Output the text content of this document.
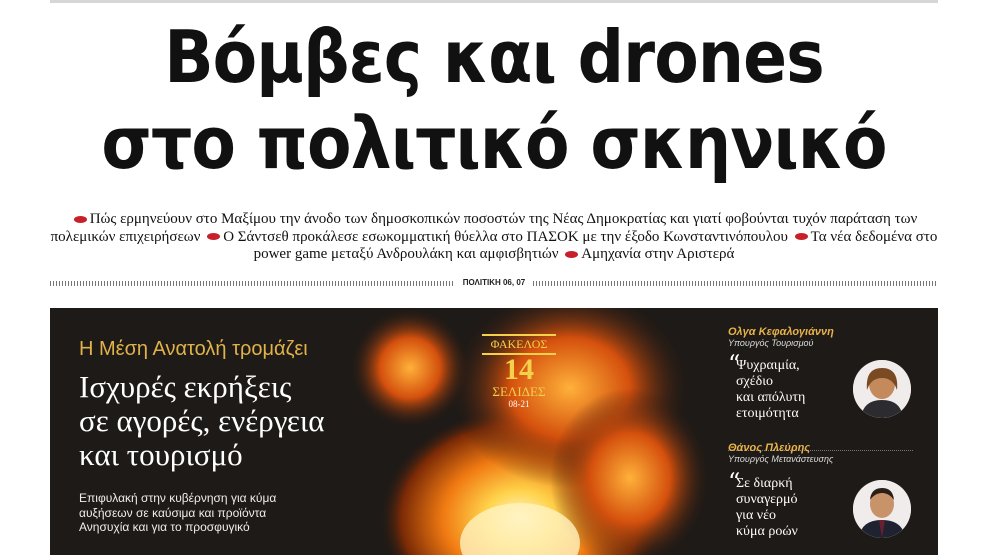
Βόμβες και drones
στο πολιτικό σκηνικό
Πώς ερμηνεύουν στο Μαξίμου την άνοδο των δημοσκοπικών ποσοστών της Νέας Δημοκρατίας και γιατί φοβούνται τυχόν παράταση των πολεμικών επιχειρήσεων Ο Σάντσεθ προκάλεσε εσωκομματική θύελλα στο ΠΑΣΟΚ με την έξοδο Κωνσταντινόπουλου Τα νέα δεδομένα στο power game μεταξύ Ανδρουλάκη και αμφισβητιών Αμηχανία στην Αριστερά
ΠΟΛΙΤΙΚΗ 06, 07
Η Μέση Ανατολή τρομάζει
Ισχυρές εκρήξεις
σε αγορές, ενέργεια
και τουρισμό
Επιφυλακή στην κυβέρνηση για κύμα
αυξήσεων σε καύσιμα και προϊόντα
Ανησυχία και για το προσφυγικό
ΦΑΚΕΛΟΣ
14
ΣΕΛΙΔΕΣ
08-21
Ολγα Κεφαλογιάννη
Υπουργός Τουρισμού
“
Ψυχραιμία,
σχέδιο
και απόλυτη
ετοιμότητα
Θάνος Πλεύρης
Υπουργός Μετανάστευσης
“
Σε διαρκή
συναγερμό
για νέο
κύμα ροών
